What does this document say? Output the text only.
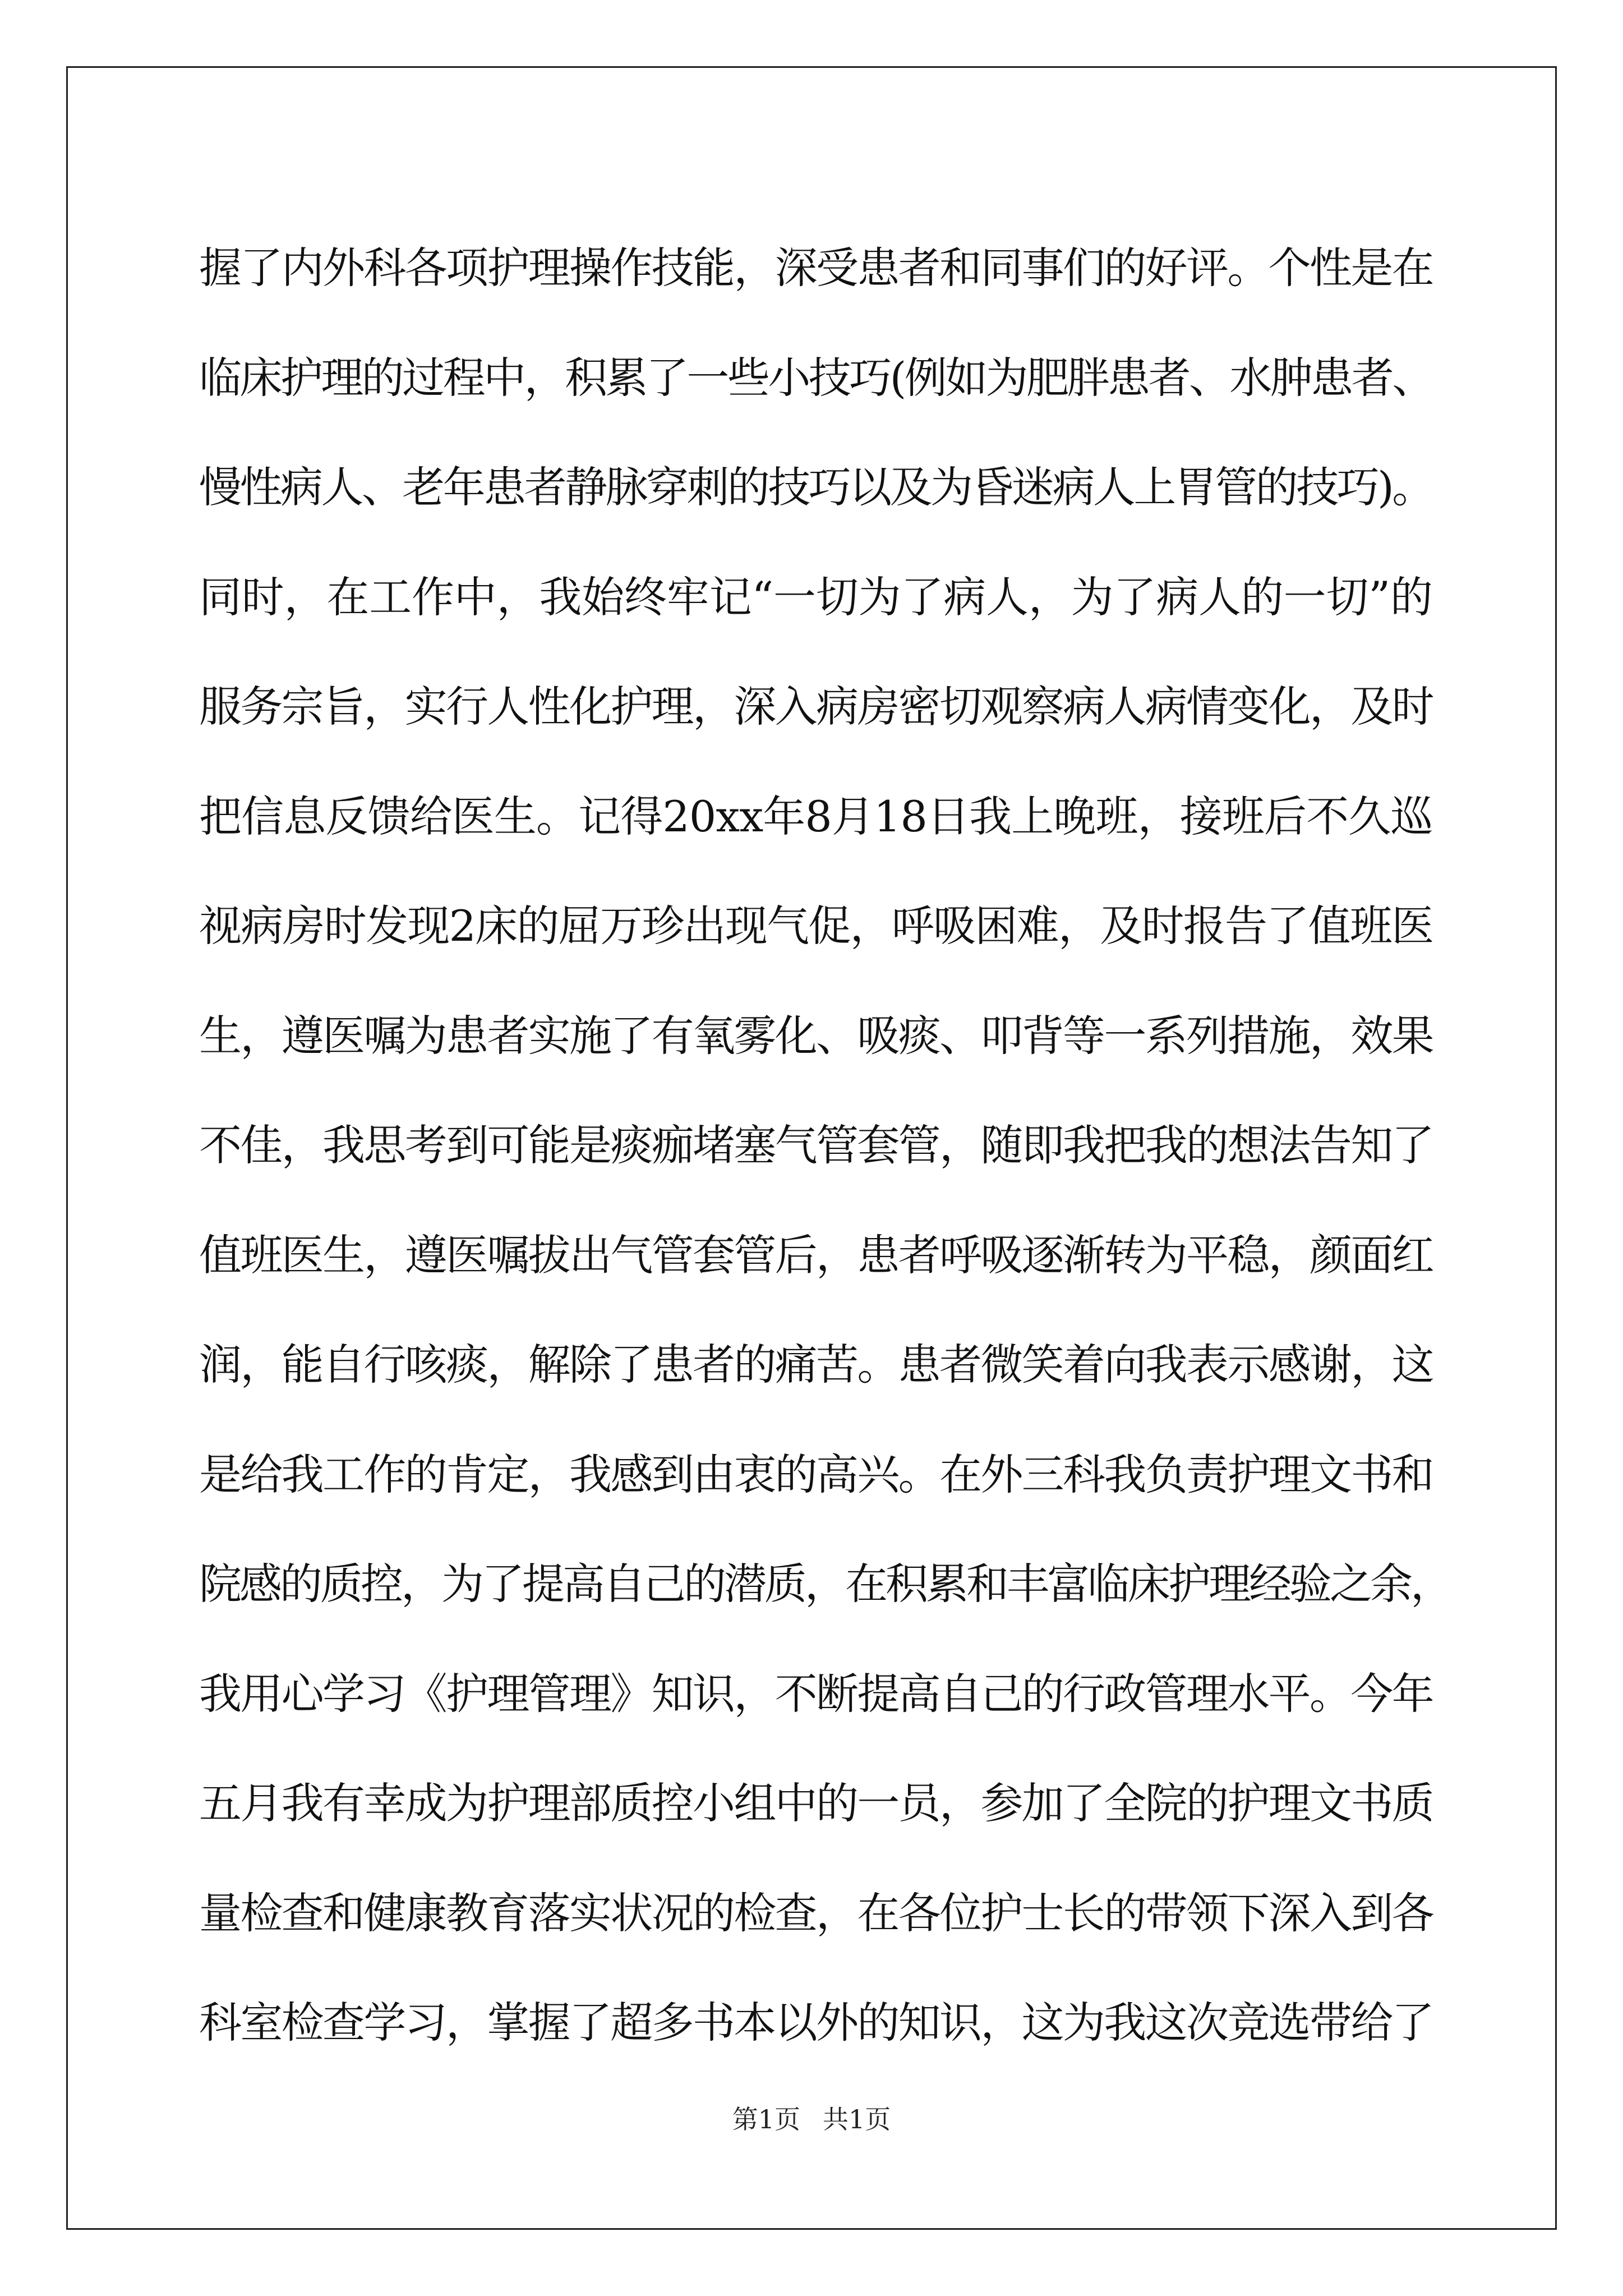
握了内外科各项护理操作技能，深受患者和同事们的好评。个性是在
临床护理的过程中，积累了一些小技巧(例如为肥胖患者、水肿患者、
慢性病人、老年患者静脉穿刺的技巧以及为昏迷病人上胃管的技巧)。
同时，在工作中，我始终牢记“一切为了病人，为了病人的一切”的
服务宗旨，实行人性化护理，深入病房密切观察病人病情变化，及时
把信息反馈给医生。记得20xx年8月18日我上晚班，接班后不久巡
视病房时发现2床的屈万珍出现气促，呼吸困难，及时报告了值班医
生，遵医嘱为患者实施了有氧雾化、吸痰、叩背等一系列措施，效果
不佳，我思考到可能是痰痂堵塞气管套管，随即我把我的想法告知了
值班医生，遵医嘱拔出气管套管后，患者呼吸逐渐转为平稳，颜面红
润，能自行咳痰，解除了患者的痛苦。患者微笑着向我表示感谢，这
是给我工作的肯定，我感到由衷的高兴。在外三科我负责护理文书和
院感的质控，为了提高自己的潜质，在积累和丰富临床护理经验之余，
我用心学习《护理管理》知识，不断提高自己的行政管理水平。今年
五月我有幸成为护理部质控小组中的一员，参加了全院的护理文书质
量检查和健康教育落实状况的检查，在各位护士长的带领下深入到各
科室检查学习，掌握了超多书本以外的知识，这为我这次竞选带给了
第1页 共1页
